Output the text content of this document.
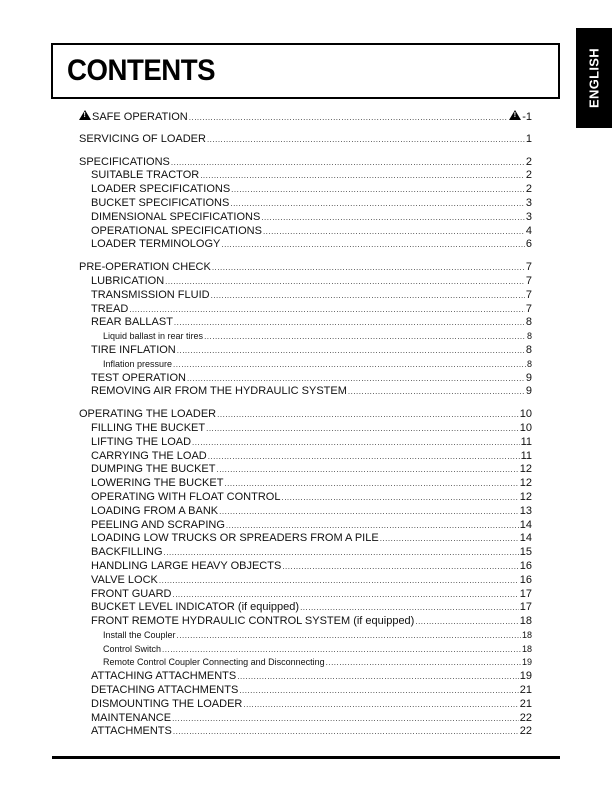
CONTENTS	ENGLISH
!
SAFE OPERATION ..... !	-1
SERVICING OF LOADER .....	1
SPECIFICATIONS .....	2
SUITABLE TRACTOR .....	2
LOADER SPECIFICATIONS .....	2
BUCKET SPECIFICATIONS .....	3
DIMENSIONAL SPECIFICATIONS .....	3
OPERATIONAL SPECIFICATIONS .....	4
LOADER TERMINOLOGY .....	6
PRE-OPERATION CHECK .....	7
LUBRICATION .....	7
TRANSMISSION FLUID .....	7
TREAD .....	7
REAR BALLAST .....	8
Liquid ballast in rear tires .....	8
TIRE INFLATION .....	8
Inflation pressure .....	8
TEST OPERATION .....	9
REMOVING AIR FROM THE HYDRAULIC SYSTEM .....	9
OPERATING THE LOADER .....	10
FILLING THE BUCKET .....	10
LIFTING THE LOAD .....	11
CARRYING THE LOAD .....	11
DUMPING THE BUCKET .....	12
LOWERING THE BUCKET .....	12
OPERATING WITH FLOAT CONTROL .....	12
LOADING FROM A BANK .....	13
PEELING AND SCRAPING .....	14
LOADING LOW TRUCKS OR SPREADERS FROM A PILE .....	14
BACKFILLING .....	15
HANDLING LARGE HEAVY OBJECTS .....	16
VALVE LOCK .....	16
FRONT GUARD .....	17
BUCKET LEVEL INDICATOR (if equipped) .....	17
FRONT REMOTE HYDRAULIC CONTROL SYSTEM (if equipped) .....	18
Install the Coupler .....	18
Control Switch .....	18
Remote Control Coupler Connecting and Disconnecting .....	19
ATTACHING ATTACHMENTS .....	19
DETACHING ATTACHMENTS .....	21
DISMOUNTING THE LOADER .....	21
MAINTENANCE .....	22
ATTACHMENTS .....	22
